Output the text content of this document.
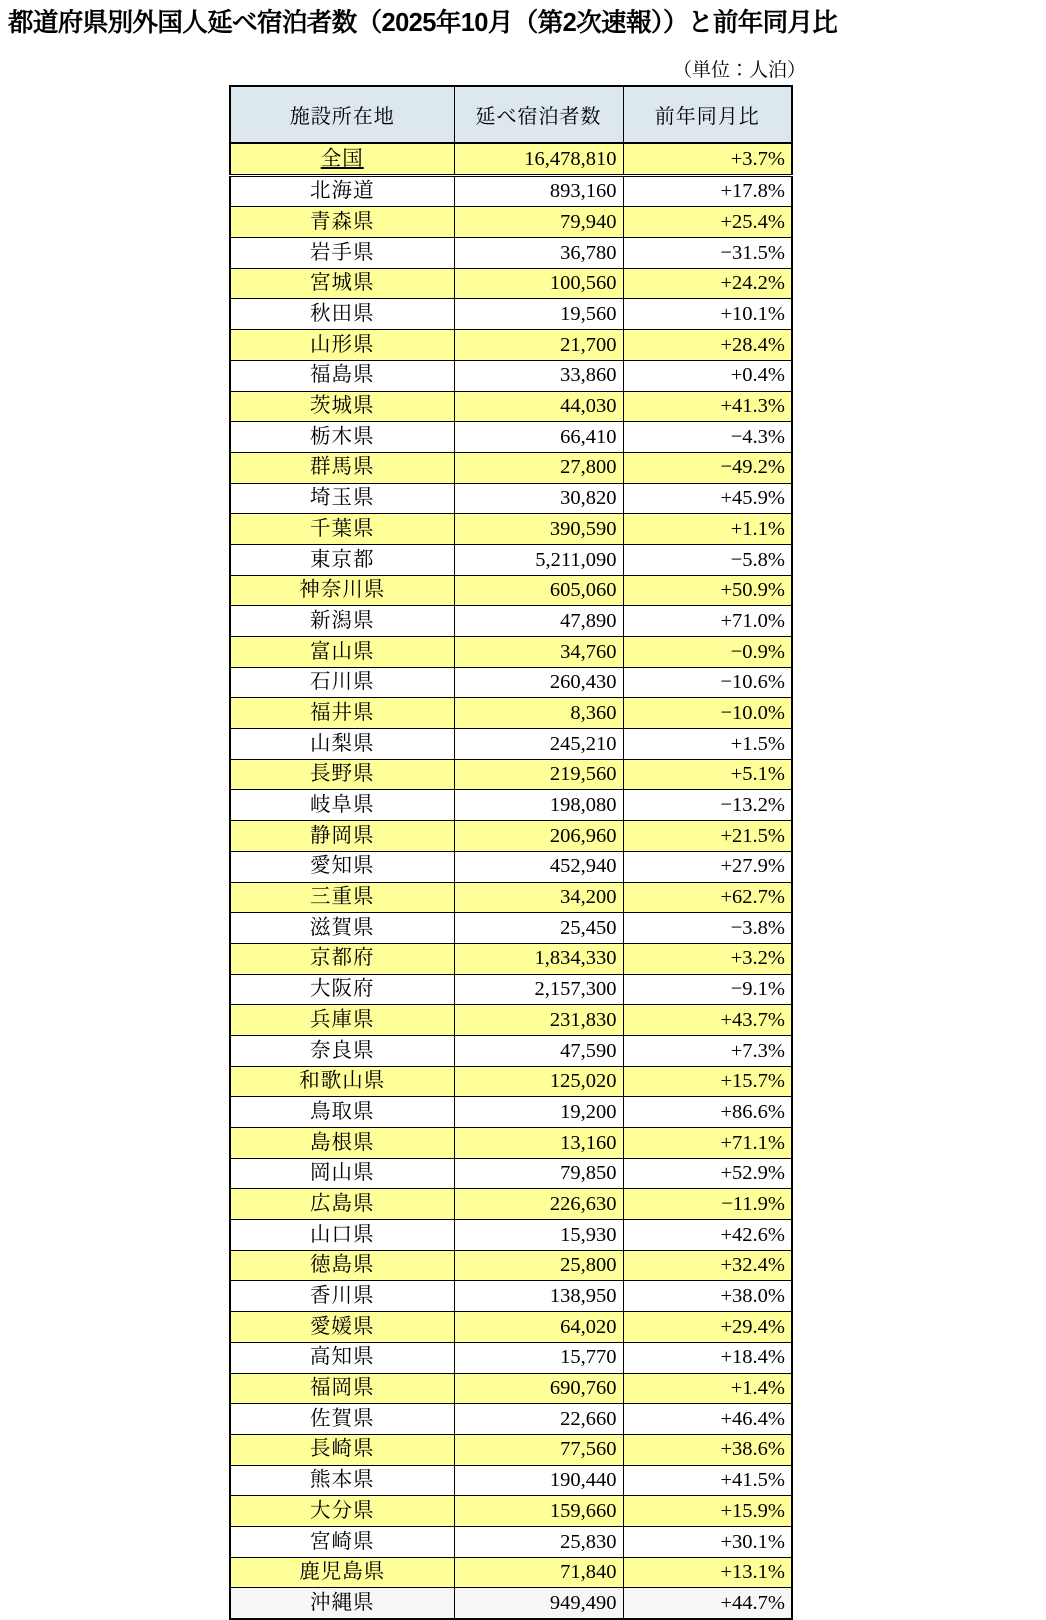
都道府県別外国人延べ宿泊者数（2025年10月（第2次速報））と前年同月比
（単位：人泊）
施設所在地	延べ宿泊者数	前年同月比
全国	16,478,810	+3.7%
北海道	893,160	+17.8%
青森県	79,940	+25.4%
岩手県	36,780	−31.5%
宮城県	100,560	+24.2%
秋田県	19,560	+10.1%
山形県	21,700	+28.4%
福島県	33,860	+0.4%
茨城県	44,030	+41.3%
栃木県	66,410	−4.3%
群馬県	27,800	−49.2%
埼玉県	30,820	+45.9%
千葉県	390,590	+1.1%
東京都	5,211,090	−5.8%
神奈川県	605,060	+50.9%
新潟県	47,890	+71.0%
富山県	34,760	−0.9%
石川県	260,430	−10.6%
福井県	8,360	−10.0%
山梨県	245,210	+1.5%
長野県	219,560	+5.1%
岐阜県	198,080	−13.2%
静岡県	206,960	+21.5%
愛知県	452,940	+27.9%
三重県	34,200	+62.7%
滋賀県	25,450	−3.8%
京都府	1,834,330	+3.2%
大阪府	2,157,300	−9.1%
兵庫県	231,830	+43.7%
奈良県	47,590	+7.3%
和歌山県	125,020	+15.7%
鳥取県	19,200	+86.6%
島根県	13,160	+71.1%
岡山県	79,850	+52.9%
広島県	226,630	−11.9%
山口県	15,930	+42.6%
徳島県	25,800	+32.4%
香川県	138,950	+38.0%
愛媛県	64,020	+29.4%
高知県	15,770	+18.4%
福岡県	690,760	+1.4%
佐賀県	22,660	+46.4%
長崎県	77,560	+38.6%
熊本県	190,440	+41.5%
大分県	159,660	+15.9%
宮崎県	25,830	+30.1%
鹿児島県	71,840	+13.1%
沖縄県	949,490	+44.7%
